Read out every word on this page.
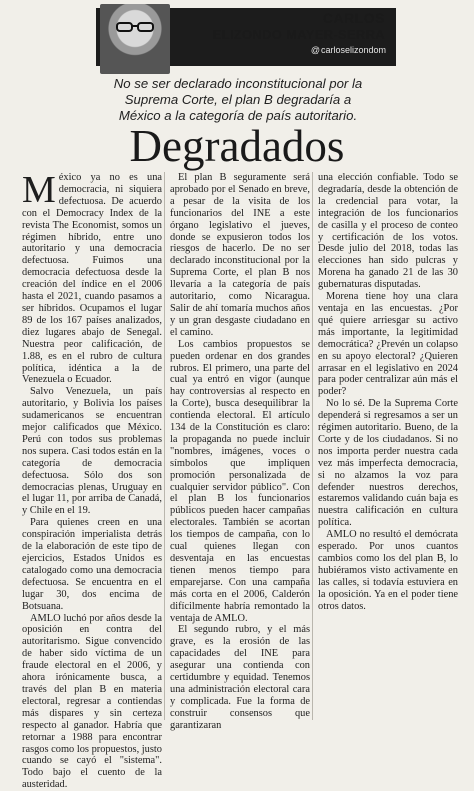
CARLOS
ELIZONDO MAYER-SERRA
@carloselizondom
No se ser declarado inconstitucional por la Suprema Corte, el plan B degradaría a México a la categoría de país autoritario.
Degradados

México ya no es una democracia, ni siquiera defectuosa. De acuerdo con el Democracy Index de la revista The Economist, somos un régimen híbrido, entre uno autoritario y una democracia defectuosa. Fuimos una democracia defectuosa desde la creación del índice en el 2006 hasta el 2021, cuando pasamos a ser híbridos. Ocupamos el lugar 89 de los 167 países analizados, diez lugares abajo de Senegal. Nuestra peor calificación, de 1.88, es en el rubro de cultura política, idéntica a la de Venezuela o Ecuador.

Salvo Venezuela, un país autoritario, y Bolivia los países sudamericanos se encuentran mejor calificados que México. Perú con todos sus problemas nos supera. Casi todos están en la categoría de democracia defectuosa. Sólo dos son democracias plenas, Uruguay en el lugar 11, por arriba de Canadá, y Chile en el 19.

Para quienes creen en una conspiración imperialista detrás de la elaboración de este tipo de ejercicios, Estados Unidos es catalogado como una democracia defectuosa. Se encuentra en el lugar 30, dos encima de Botsuana.

AMLO luchó por años desde la oposición en contra del autoritarismo. Sigue convencido de haber sido víctima de un fraude electoral en el 2006, y ahora irónicamente busca, a través del plan B en materia electoral, regresar a contiendas más dispares y sin certeza respecto al ganador. Habría que retornar a 1988 para encontrar rasgos como los propuestos, justo cuando se cayó el "sistema". Todo bajo el cuento de la austeridad.

El plan B seguramente será aprobado por el Senado en breve, a pesar de la visita de los funcionarios del INE a este órgano legislativo el jueves, donde se expusieron todos los riesgos de hacerlo. De no ser declarado inconstitucional por la Suprema Corte, el plan B nos llevaría a la categoría de país autoritario, como Nicaragua. Salir de ahí tomaría muchos años y un gran desgaste ciudadano en el camino.

Los cambios propuestos se pueden ordenar en dos grandes rubros. El primero, una parte del cual ya entró en vigor (aunque hay controversias al respecto en la Corte), busca desequilibrar la contienda electoral. El artículo 134 de la Constitución es claro: la propaganda no puede incluir "nombres, imágenes, voces o símbolos que impliquen promoción personalizada de cualquier servidor público". Con el plan B los funcionarios públicos pueden hacer campañas electorales. También se acortan los tiempos de campaña, con lo cual quienes llegan con desventaja en las encuestas tienen menos tiempo para emparejarse. Con una campaña más corta en el 2006, Calderón difícilmente habría remontado la ventaja de AMLO.

El segundo rubro, y el más grave, es la erosión de las capacidades del INE para asegurar una contienda con certidumbre y equidad. Tenemos una administración electoral cara y complicada. Fue la forma de construir consensos que garantizaran

una elección confiable. Todo se degradaría, desde la obtención de la credencial para votar, la integración de los funcionarios de casilla y el proceso de conteo y certificación de los votos. Desde julio del 2018, todas las elecciones han sido pulcras y Morena ha ganado 21 de las 30 gubernaturas disputadas.

Morena tiene hoy una clara ventaja en las encuestas. ¿Por qué quiere arriesgar su activo más importante, la legitimidad democrática? ¿Prevén un colapso en su apoyo electoral? ¿Quieren arrasar en el legislativo en 2024 para poder centralizar aún más el poder?

No lo sé. De la Suprema Corte dependerá si regresamos a ser un régimen autoritario. Bueno, de la Corte y de los ciudadanos. Si no nos importa perder nuestra cada vez más imperfecta democracia, si no alzamos la voz para defender nuestros derechos, estaremos validando cuán baja es nuestra calificación en cultura política.

AMLO no resultó el demócrata esperado. Por unos cuantos cambios como los del plan B, lo hubiéramos visto activamente en las calles, si todavía estuviera en la oposición. Ya en el poder tiene otros datos.
